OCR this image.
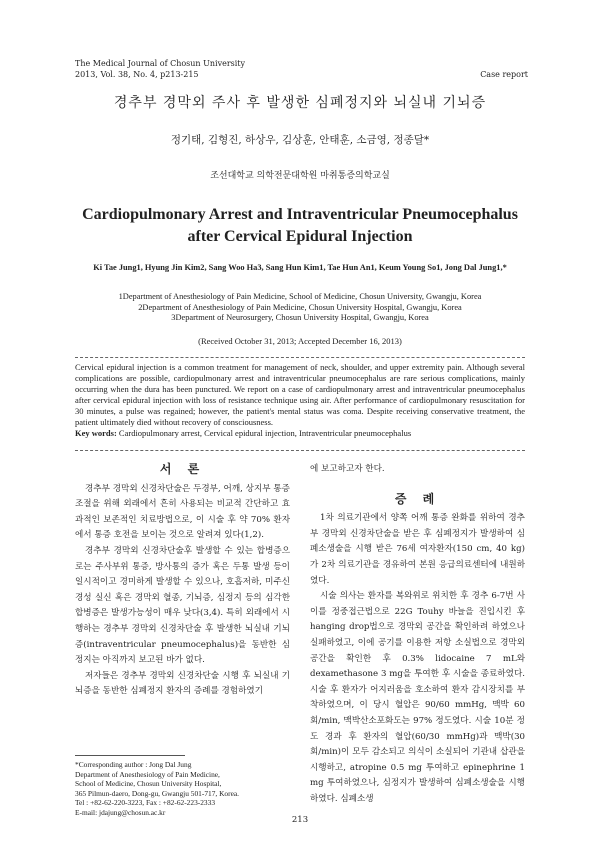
The Medical Journal of Chosun University
2013, Vol. 38, No. 4, p213-215	Case report
경추부 경막외 주사 후 발생한 심폐정지와 뇌실내 기뇌증
정기태, 김형진, 하상우, 김상훈, 안태훈, 소금영, 정종달*
조선대학교 의학전문대학원 마취통증의학교실
Cardiopulmonary Arrest and Intraventricular Pneumocephalus
after Cervical Epidural Injection
Ki Tae Jung1, Hyung Jin Kim2, Sang Woo Ha3, Sang Hun Kim1, Tae Hun An1, Keum Young So1, Jong Dal Jung1,*
1Department of Anesthesiology of Pain Medicine, School of Medicine, Chosun University, Gwangju, Korea
2Department of Anesthesiology of Pain Medicine, Chosun University Hospital, Gwangju, Korea
3Department of Neurosurgery, Chosun University Hospital, Gwangju, Korea
(Received October 31, 2013; Accepted December 16, 2013)
Cervical epidural injection is a common treatment for management of neck, shoulder, and upper extremity pain. Although several complications are possible, cardiopulmonary arrest and intraventricular pneumocephalus are rare serious complications, mainly occurring when the dura has been punctured. We report on a case of cardiopulmonary arrest and intraventricular pneumocephalus after cervical epidural injection with loss of resistance technique using air. After performance of cardiopulmonary resuscitation for 30 minutes, a pulse was regained; however, the patient's mental status was coma. Despite receiving conservative treatment, the patient ultimately died without recovery of consciousness.
Key words: Cardiopulmonary arrest, Cervical epidural injection, Intraventricular pneumocephalus
서 론

경추부 경막외 신경차단술은 두경부, 어깨, 상지부 통증 조절을 위해 외래에서 흔히 사용되는 비교적 간단하고 효과적인 보존적인 치료방법으로, 이 시술 후 약 70% 환자에서 통증 호전을 보이는 것으로 알려져 있다(1,2).

경추부 경막외 신경차단술후 발생할 수 있는 합병증으로는 주사부위 통증, 방사통의 증가 혹은 두통 발생 등이 일시적이고 경미하게 발생할 수 있으나, 호흡저하, 미주신경성 실신 혹은 경막외 혈종, 기뇌증, 심정지 등의 심각한 합병증은 발생가능성이 매우 낮다(3,4). 특히 외래에서 시행하는 경추부 경막외 신경차단술 후 발생한 뇌실내 기뇌증(intraventricular pneumocephalus)을 동반한 심정지는 아직까지 보고된 바가 없다.

저자들은 경추부 경막외 신경차단술 시행 후 뇌실내 기뇌증을 동반한 심폐정지 환자의 증례를 경험하였기

에 보고하고자 한다.
증 례

1차 의료기관에서 양쪽 어깨 통증 완화를 위하여 경추부 경막외 신경차단술을 받은 후 심폐정지가 발생하여 심폐소생술을 시행 받은 76세 여자환자(150 cm, 40 kg)가 2차 의료기관을 경유하여 본원 응급의료센터에 내원하였다.

시술 의사는 환자를 복와위로 위치한 후 경추 6-7번 사이를 정중접근법으로 22G Touhy 바늘을 진입시킨 후 hanging drop법으로 경막외 공간을 확인하려 하였으나 실패하였고, 이에 공기를 이용한 저항 소실법으로 경막외 공간을 확인한 후 0.3% lidocaine 7 mL와 dexamethasone 3 mg을 투여한 후 시술을 종료하였다. 시술 후 환자가 어지러움을 호소하여 환자 감시장치를 부착하였으며, 이 당시 혈압은 90/60 mmHg, 맥박 60회/min, 맥박산소포화도는 97% 정도였다. 시술 10분 정도 경과 후 환자의 혈압(60/30 mmHg)과 맥박(30회/min)이 모두 감소되고 의식이 소실되어 기관내 삽관을 시행하고, atropine 0.5 mg 투여하고 epinephrine 1 mg 투여하였으나, 심정지가 발생하여 심폐소생술을 시행하였다. 심폐소생

*Corresponding author : Jong Dal Jung
Department of Anesthesiology of Pain Medicine,
School of Medicine, Chosun University Hospital,
365 Pilmun-daero, Dong-gu, Gwangju 501-717, Korea.
Tel : +82-62-220-3223, Fax : +82-62-223-2333
E-mail: jdajung@chosun.ac.kr
213
